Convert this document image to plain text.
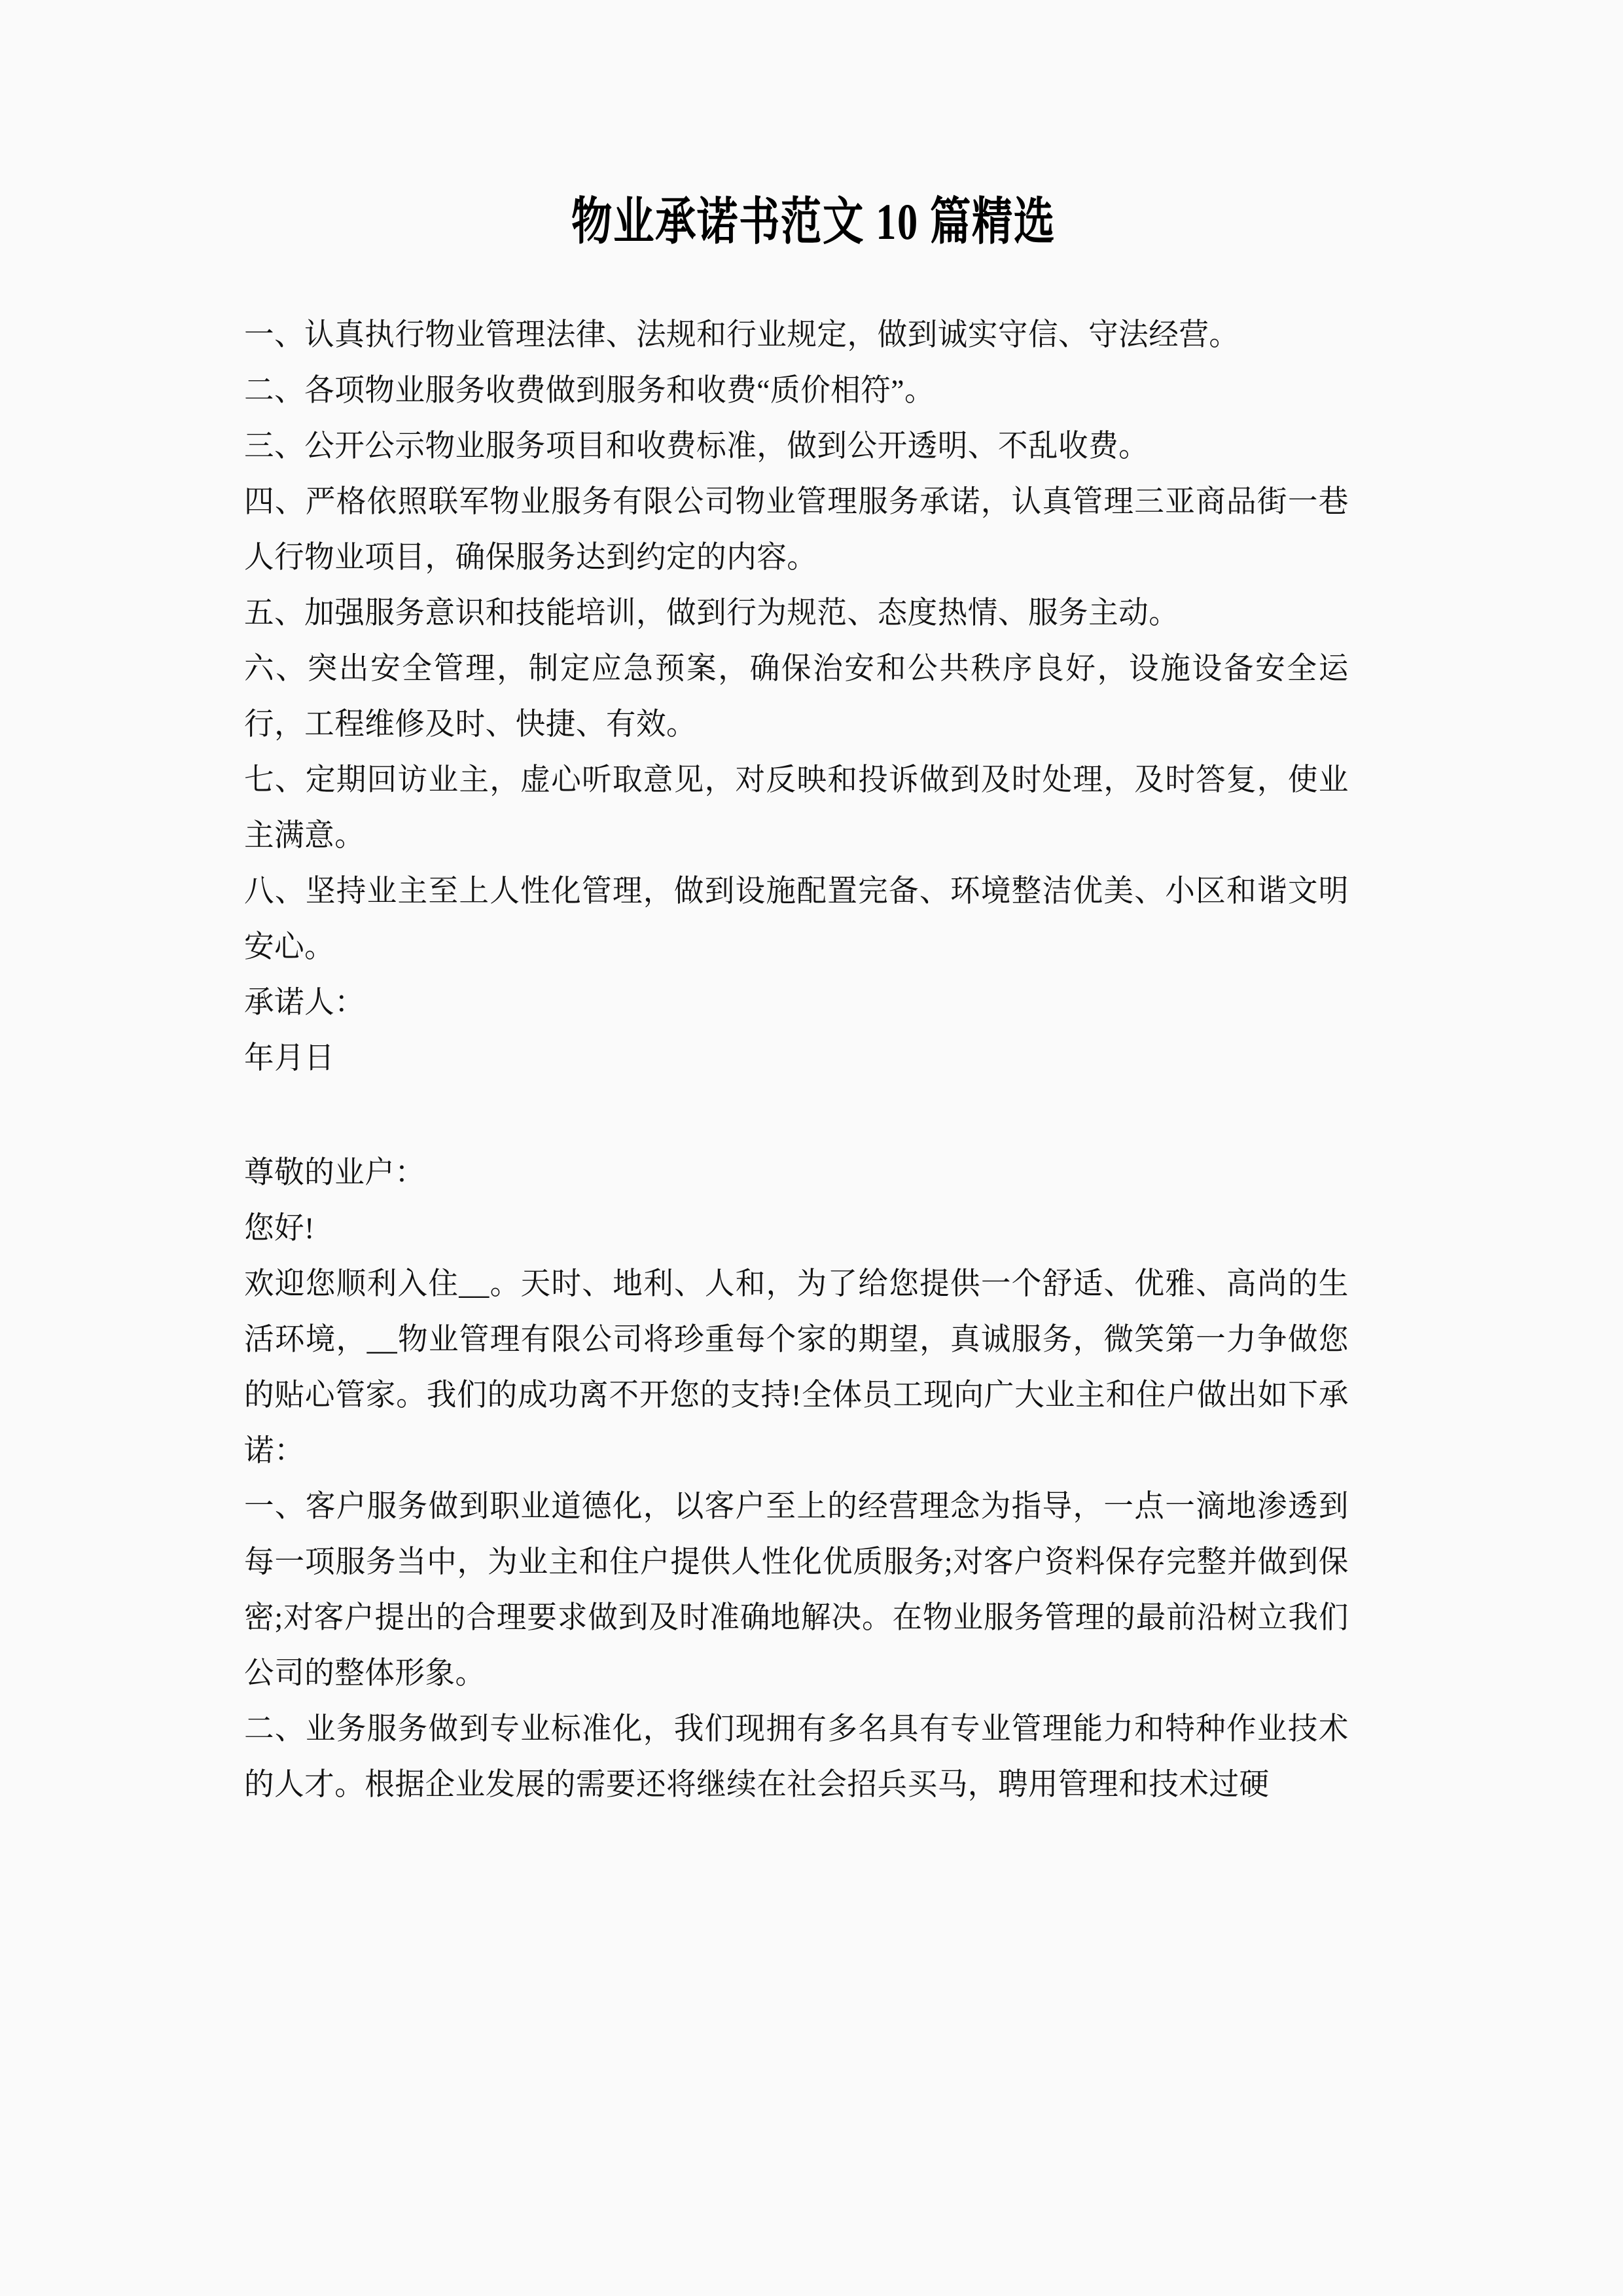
物业承诺书范文 10 篇精选

一、认真执行物业管理法律、法规和行业规定，做到诚实守信、守法经营。

二、各项物业服务收费做到服务和收费“质价相符”。

三、公开公示物业服务项目和收费标准，做到公开透明、不乱收费。

四、严格依照联军物业服务有限公司物业管理服务承诺，认真管理三亚商品街一巷人行物业项目，确保服务达到约定的内容。

五、加强服务意识和技能培训，做到行为规范、态度热情、服务主动。

六、突出安全管理，制定应急预案，确保治安和公共秩序良好，设施设备安全运行，工程维修及时、快捷、有效。

七、定期回访业主，虚心听取意见，对反映和投诉做到及时处理，及时答复，使业主满意。

八、坚持业主至上人性化管理，做到设施配置完备、环境整洁优美、小区和谐文明安心。

承诺人：

年月日

尊敬的业户：

您好!

欢迎您顺利入住__。天时、地利、人和，为了给您提供一个舒适、优雅、高尚的生活环境，__物业管理有限公司将珍重每个家的期望，真诚服务，微笑第一力争做您的贴心管家。我们的成功离不开您的支持!全体员工现向广大业主和住户做出如下承诺：

一、客户服务做到职业道德化，以客户至上的经营理念为指导，一点一滴地渗透到每一项服务当中，为业主和住户提供人性化优质服务;对客户资料保存完整并做到保密;对客户提出的合理要求做到及时准确地解决。在物业服务管理的最前沿树立我们公司的整体形象。

二、业务服务做到专业标准化，我们现拥有多名具有专业管理能力和特种作业技术的人才。根据企业发展的需要还将继续在社会招兵买马，聘用管理和技术过硬
